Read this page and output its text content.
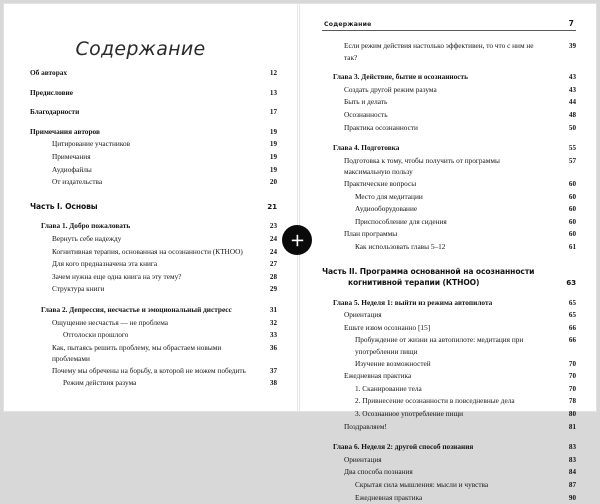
Содержание
Об авторах	12
Предисловие	13
Благодарности	17
Примечания авторов	19
Цитирование участников	19
Примечания	19
Аудиофайлы	19
От издательства	20
Часть I. Основы	21
Глава 1. Добро пожаловать	23
Вернуть себе надежду	24
Когнитивная терапия, основанная на осознанности (КТНОО)	24
Для кого предназначена эта книга	27
Зачем нужна еще одна книга на эту тему?	28
Структура книги	29
Глава 2. Депрессия, несчастье и эмоциональный дистресс	31
Ощущение несчастья — не проблема	32
Отголоски прошлого	33
Как, пытаясь решить проблему, мы обрастаем новыми проблемами
36
Почему мы обречены на борьбу, в которой не можем победить	37
Режим действия разума	38
Содержание	7
Если режим действия настолько эффективен, то что с ним не так?
39
Глава 3. Действие, бытие и осознанность	43
Создать другой режим разума	43
Быть и делать	44
Осознанность	48
Практика осознанности	50
Глава 4. Подготовка	55
Подготовка к тому, чтобы получить от программы максимальную пользу
57
Практические вопросы	60
Место для медитации	60
Аудиооборудование	60
Приспособление для сидения	60
План программы	60
Как использовать главы 5–12	61
Часть II. Программа основанной на осознанности
когнитивной терапии (КТНОО)	63
Глава 5. Неделя 1: выйти из режима автопилота	65
Ориентация	65
Ешьте изюм осознанно [15]	66
Пробуждение от жизни на автопилоте: медитация при употреблении пищи
66
Изучение возможностей	70
Ежедневная практика	70
1. Сканирование тела	70
2. Привнесение осознанности в повседневные дела	78
3. Осознанное употребление пищи	80
Поздравляем!	81
Глава 6. Неделя 2: другой способ познания	83
Ориентация	83
Два способа познания	84
Скрытая сила мышления: мысли и чувства	87
Ежедневная практика	90
